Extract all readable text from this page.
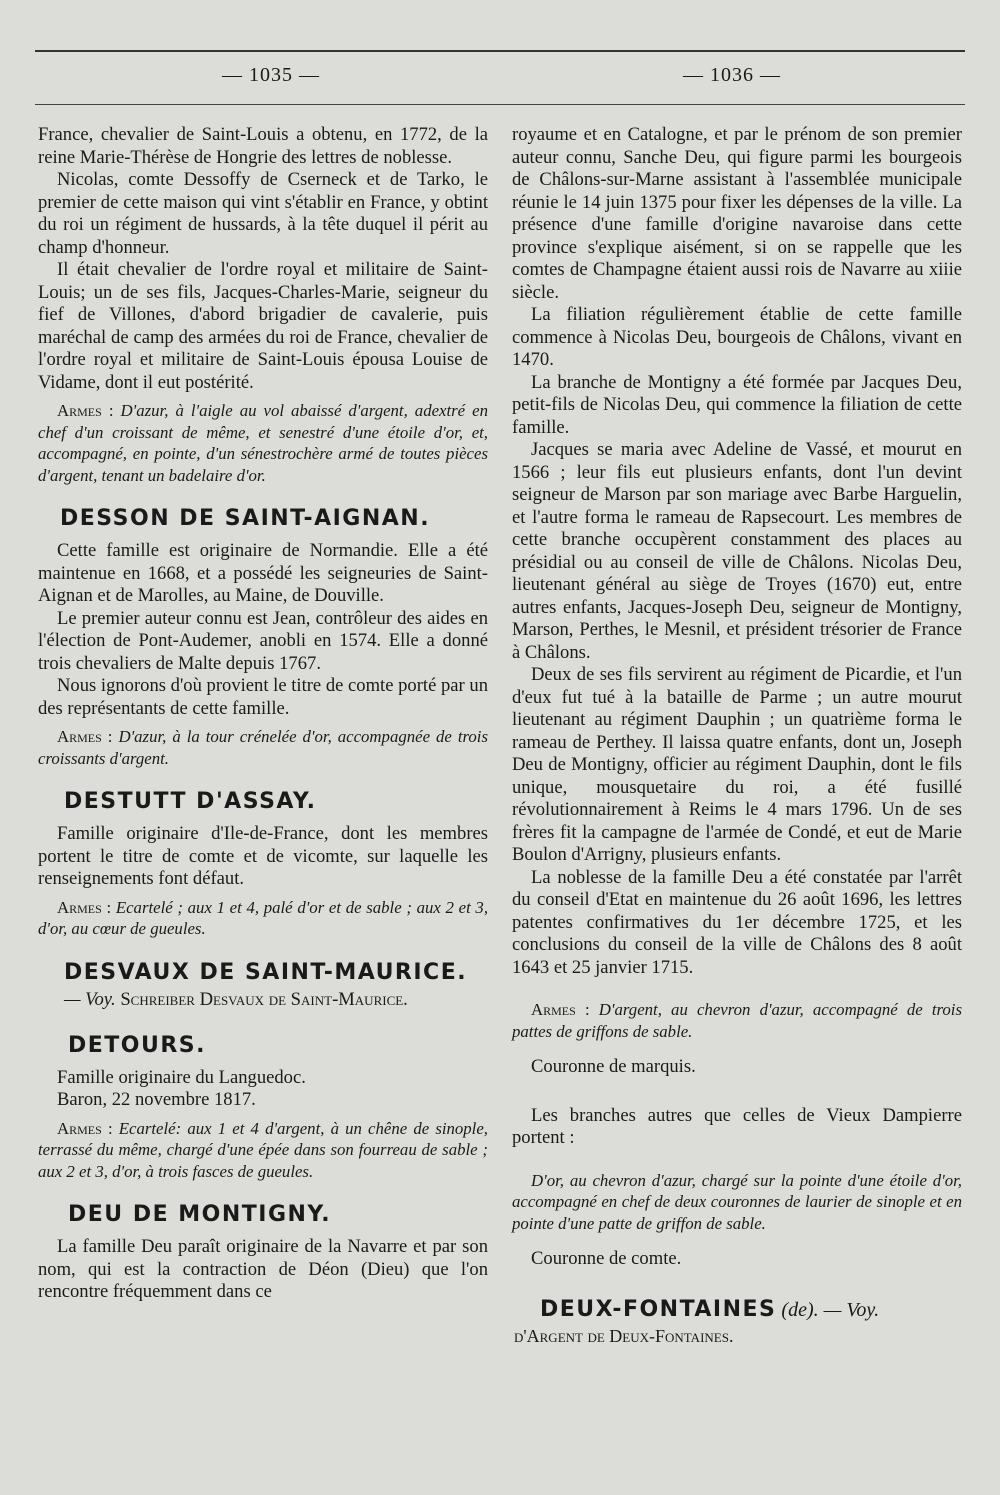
— 1035 —	— 1036 —

France, chevalier de Saint-Louis a obtenu, en 1772, de la reine Marie-Thérèse de Hongrie des lettres de noblesse.

Nicolas, comte Dessoffy de Cserneck et de Tarko, le premier de cette maison qui vint s'établir en France, y obtint du roi un régiment de hussards, à la tête duquel il périt au champ d'honneur.

Il était chevalier de l'ordre royal et militaire de Saint-Louis; un de ses fils, Jacques-Charles-Marie, seigneur du fief de Villones, d'abord brigadier de cavalerie, puis maréchal de camp des armées du roi de France, chevalier de l'ordre royal et militaire de Saint-Louis épousa Louise de Vidame, dont il eut postérité.

Armes : D'azur, à l'aigle au vol abaissé d'argent, adextré en chef d'un croissant de même, et senestré d'une étoile d'or, et, accompagné, en pointe, d'un sénestrochère armé de toutes pièces d'argent, tenant un badelaire d'or.

DESSON DE SAINT-AIGNAN.

Cette famille est originaire de Normandie. Elle a été maintenue en 1668, et a possédé les seigneuries de Saint-Aignan et de Marolles, au Maine, de Douville.

Le premier auteur connu est Jean, contrôleur des aides en l'élection de Pont-Audemer, anobli en 1574. Elle a donné trois chevaliers de Malte depuis 1767.

Nous ignorons d'où provient le titre de comte porté par un des représentants de cette famille.

Armes : D'azur, à la tour crénelée d'or, accompagnée de trois croissants d'argent.

DESTUTT D'ASSAY.

Famille originaire d'Ile-de-France, dont les membres portent le titre de comte et de vicomte, sur laquelle les renseignements font défaut.

Armes : Ecartelé ; aux 1 et 4, palé d'or et de sable ; aux 2 et 3, d'or, au cœur de gueules.

DESVAUX DE SAINT-MAURICE. — Voy. Schreiber Desvaux de Saint-Maurice.
DETOURS.

Famille originaire du Languedoc.

Baron, 22 novembre 1817.

Armes : Ecartelé: aux 1 et 4 d'argent, à un chêne de sinople, terrassé du même, chargé d'une épée dans son fourreau de sable ; aux 2 et 3, d'or, à trois fasces de gueules.

DEU DE MONTIGNY.

La famille Deu paraît originaire de la Navarre et par son nom, qui est la contraction de Déon (Dieu) que l'on rencontre fréquemment dans ce

royaume et en Catalogne, et par le prénom de son premier auteur connu, Sanche Deu, qui figure parmi les bourgeois de Châlons-sur-Marne assistant à l'assemblée municipale réunie le 14 juin 1375 pour fixer les dépenses de la ville. La présence d'une famille d'origine navaroise dans cette province s'explique aisément, si on se rappelle que les comtes de Champagne étaient aussi rois de Navarre au xiiie siècle.

La filiation régulièrement établie de cette famille commence à Nicolas Deu, bourgeois de Châlons, vivant en 1470.

La branche de Montigny a été formée par Jacques Deu, petit-fils de Nicolas Deu, qui commence la filiation de cette famille.

Jacques se maria avec Adeline de Vassé, et mourut en 1566 ; leur fils eut plusieurs enfants, dont l'un devint seigneur de Marson par son mariage avec Barbe Harguelin, et l'autre forma le rameau de Rapsecourt. Les membres de cette branche occupèrent constamment des places au présidial ou au conseil de ville de Châlons. Nicolas Deu, lieutenant général au siège de Troyes (1670) eut, entre autres enfants, Jacques-Joseph Deu, seigneur de Montigny, Marson, Perthes, le Mesnil, et président trésorier de France à Châlons.

Deux de ses fils servirent au régiment de Picardie, et l'un d'eux fut tué à la bataille de Parme ; un autre mourut lieutenant au régiment Dauphin ; un quatrième forma le rameau de Perthey. Il laissa quatre enfants, dont un, Joseph Deu de Montigny, officier au régiment Dauphin, dont le fils unique, mousquetaire du roi, a été fusillé révolutionnairement à Reims le 4 mars 1796. Un de ses frères fit la campagne de l'armée de Condé, et eut de Marie Boulon d'Arrigny, plusieurs enfants.

La noblesse de la famille Deu a été constatée par l'arrêt du conseil d'Etat en maintenue du 26 août 1696, les lettres patentes confirmatives du 1er décembre 1725, et les conclusions du conseil de la ville de Châlons des 8 août 1643 et 25 janvier 1715.

Armes : D'argent, au chevron d'azur, accompagné de trois pattes de griffons de sable.

Couronne de marquis.

Les branches autres que celles de Vieux Dampierre portent :

D'or, au chevron d'azur, chargé sur la pointe d'une étoile d'or, accompagné en chef de deux couronnes de laurier de sinople et en pointe d'une patte de griffon de sable.

Couronne de comte.

DEUX-FONTAINES (de). — Voy.
d'Argent de Deux-Fontaines.
